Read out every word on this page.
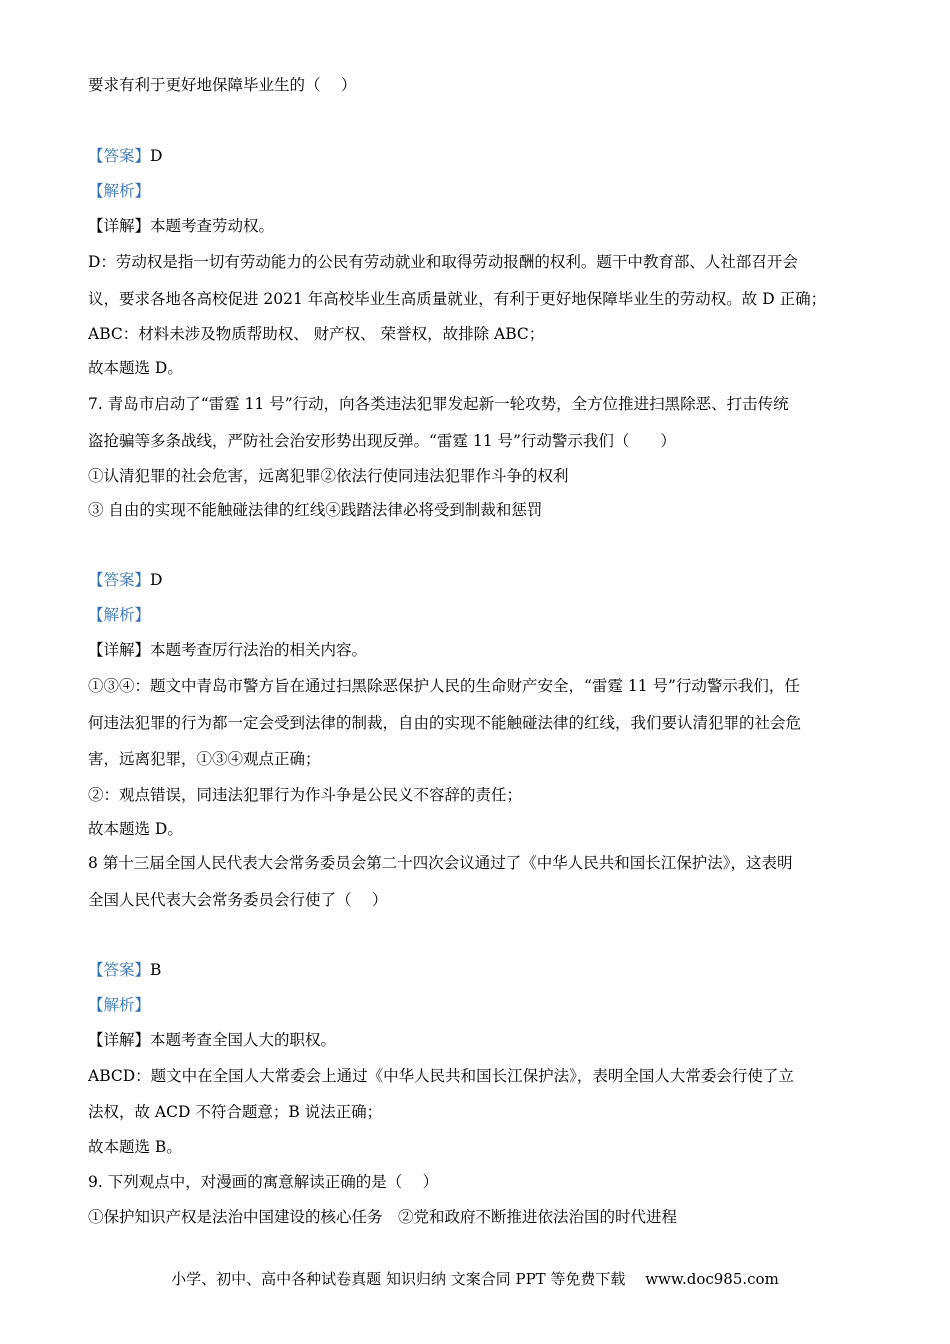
要求有利于更好地保障毕业生的（　 ）
【答案】D
【解析】
【详解】本题考查劳动权。
D：劳动权是指一切有劳动能力的公民有劳动就业和取得劳动报酬的权利。题干中教育部、人社部召开会
议，要求各地各高校促进 2021 年高校毕业生高质量就业，有利于更好地保障毕业生的劳动权。故 D 正确；
ABC：材料未涉及物质帮助权、 财产权、 荣誉权，故排除 ABC；
故本题选 D。
7. 青岛市启动了“雷霆 11 号”行动，向各类违法犯罪发起新一轮攻势，全方位推进扫黑除恶、打击传统
盗抢骗等多条战线，严防社会治安形势出现反弹。“雷霆 11 号”行动警示我们（　　）
①认清犯罪的社会危害，远离犯罪②依法行使同违法犯罪作斗争的权利
③ 自由的实现不能触碰法律的红线④践踏法律必将受到制裁和惩罚
【答案】D
【解析】
【详解】本题考查厉行法治的相关内容。
①③④：题文中青岛市警方旨在通过扫黑除恶保护人民的生命财产安全，“雷霆 11 号”行动警示我们，任
何违法犯罪的行为都一定会受到法律的制裁，自由的实现不能触碰法律的红线，我们要认清犯罪的社会危
害，远离犯罪，①③④观点正确；
②：观点错误，同违法犯罪行为作斗争是公民义不容辞的责任；
故本题选 D。
8 第十三届全国人民代表大会常务委员会第二十四次会议通过了《中华人民共和国长江保护法》，这表明
全国人民代表大会常务委员会行使了（　 ）
【答案】B
【解析】
【详解】本题考查全国人大的职权。
ABCD：题文中在全国人大常委会上通过《中华人民共和国长江保护法》，表明全国人大常委会行使了立
法权，故 ACD 不符合题意；B 说法正确；
故本题选 B。
9. 下列观点中，对漫画的寓意解读正确的是（　 ）
①保护知识产权是法治中国建设的核心任务　②党和政府不断推进依法治国的时代进程
小学、初中、高中各种试卷真题 知识归纳 文案合同 PPT 等免费下载　 www.doc985.com
